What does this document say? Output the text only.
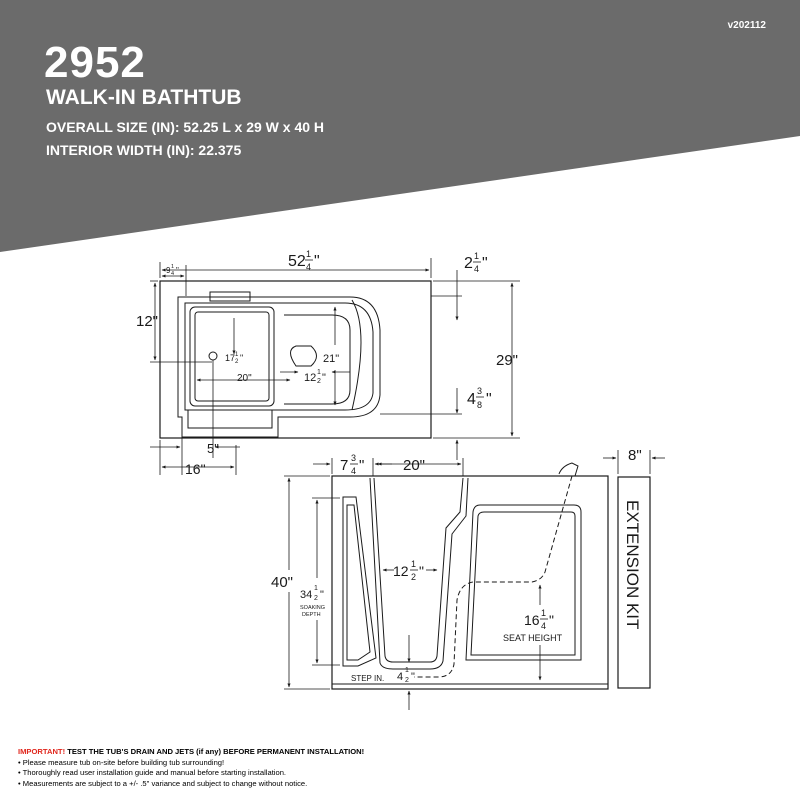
2952
WALK-IN BATHTUB
OVERALL SIZE (IN): 52.25 L x 29 W x 40 H
INTERIOR WIDTH (IN): 22.375
v202112
52 1
4 "	2 1
4 "
9 1
4 "
12"
29"
4 3
8 "
17 1
2 "
20"	12 1
2 "
21"
5"
16"	7 3
4 "	20"
40"
34
1
2 "
SOAKING
DEPTH
12 1
2 "
16 1
4 "
SEAT HEIGHT
STEP IN. 4
1
2 "
8"
EXTENSION KIT
IMPORTANT! TEST THE TUB'S DRAIN AND JETS (if any) BEFORE PERMANENT INSTALLATION!
• Please measure tub on-site before building tub surrounding!
• Thoroughly read user installation guide and manual before starting installation.
• Measurements are subject to a +/- .5" variance and subject to change without notice.
